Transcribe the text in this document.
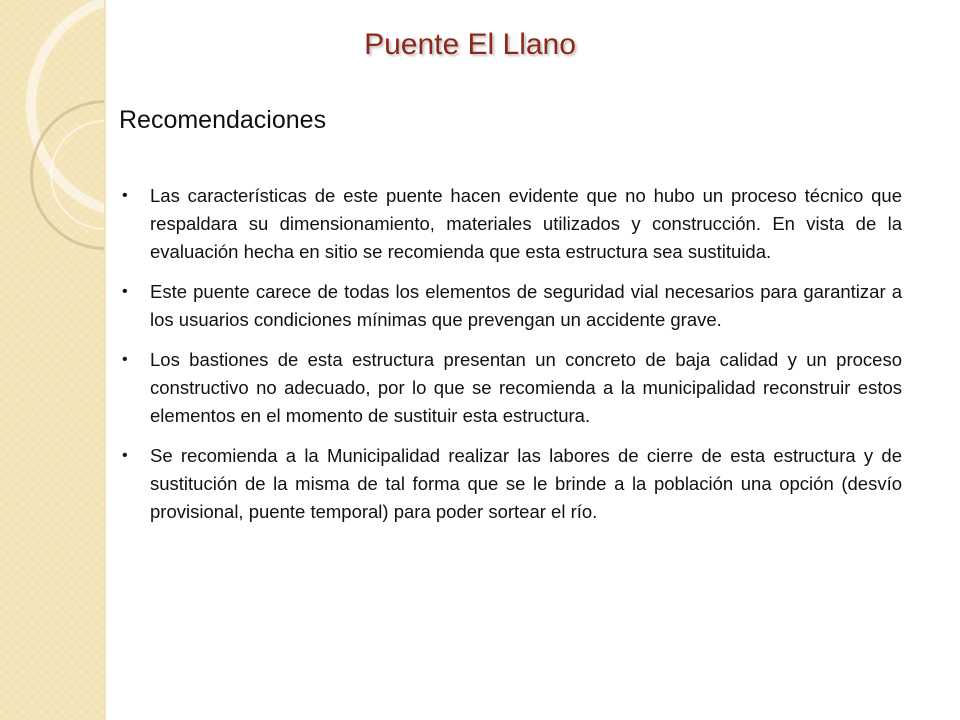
Puente El Llano
Recomendaciones
• Las características de este puente hacen evidente que no hubo un proceso técnico que respaldara su dimensionamiento, materiales utilizados y construcción. En vista de la evaluación hecha en sitio se recomienda que esta estructura sea sustituida.
• Este puente carece de todas los elementos de seguridad vial necesarios para garantizar a los usuarios condiciones mínimas que prevengan un accidente grave.
• Los bastiones de esta estructura presentan un concreto de baja calidad y un proceso constructivo no adecuado, por lo que se recomienda a la municipalidad reconstruir estos elementos en el momento de sustituir esta estructura.
• Se recomienda a la Municipalidad realizar las labores de cierre de esta estructura y de sustitución de la misma de tal forma que se le brinde a la población una opción (desvío provisional, puente temporal) para poder sortear el río.
